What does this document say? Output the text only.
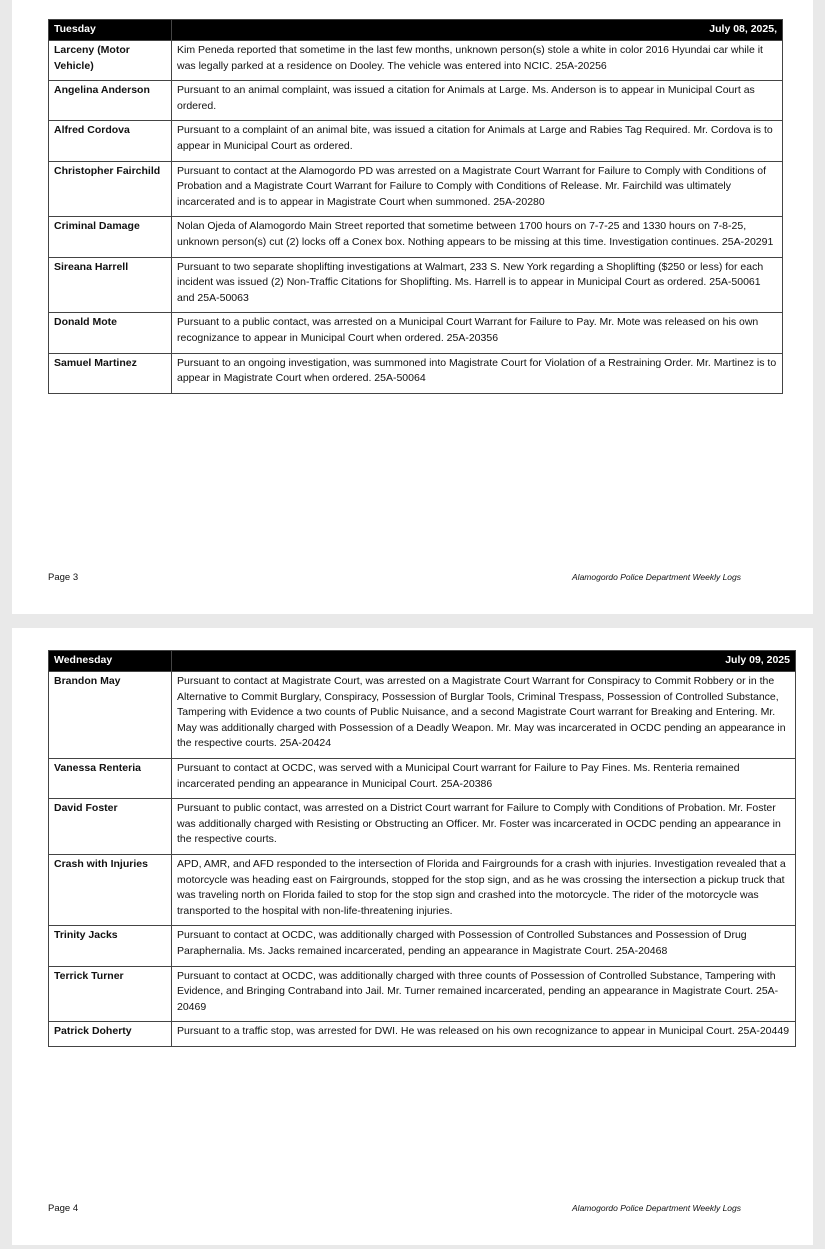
Tuesday	July 08, 2025,
Larceny (Motor Vehicle)	Kim Peneda reported that sometime in the last few months, unknown person(s) stole a white in color 2016 Hyundai car while it was legally parked at a residence on Dooley. The vehicle was entered into NCIC. 25A-20256
Angelina Anderson	Pursuant to an animal complaint, was issued a citation for Animals at Large. Ms. Anderson is to appear in Municipal Court as ordered.
Alfred Cordova	Pursuant to a complaint of an animal bite, was issued a citation for Animals at Large and Rabies Tag Required. Mr. Cordova is to appear in Municipal Court as ordered.
Christopher Fairchild	Pursuant to contact at the Alamogordo PD was arrested on a Magistrate Court Warrant for Failure to Comply with Conditions of Probation and a Magistrate Court Warrant for Failure to Comply with Conditions of Release. Mr. Fairchild was ultimately incarcerated and is to appear in Magistrate Court when summoned. 25A-20280
Criminal Damage	Nolan Ojeda of Alamogordo Main Street reported that sometime between 1700 hours on 7-7-25 and 1330 hours on 7-8-25, unknown person(s) cut (2) locks off a Conex box. Nothing appears to be missing at this time. Investigation continues. 25A-20291
Sireana Harrell	Pursuant to two separate shoplifting investigations at Walmart, 233 S. New York regarding a Shoplifting ($250 or less) for each incident was issued (2) Non-Traffic Citations for Shoplifting. Ms. Harrell is to appear in Municipal Court as ordered. 25A-50061 and 25A-50063
Donald Mote	Pursuant to a public contact, was arrested on a Municipal Court Warrant for Failure to Pay. Mr. Mote was released on his own recognizance to appear in Municipal Court when ordered. 25A-20356
Samuel Martinez	Pursuant to an ongoing investigation, was summoned into Magistrate Court for Violation of a Restraining Order. Mr. Martinez is to appear in Magistrate Court when ordered. 25A-50064
Page 3	Alamogordo Police Department Weekly Logs
Wednesday	July 09, 2025
Brandon May	Pursuant to contact at Magistrate Court, was arrested on a Magistrate Court Warrant for Conspiracy to Commit Robbery or in the Alternative to Commit Burglary, Conspiracy, Possession of Burglar Tools, Criminal Trespass, Possession of Controlled Substance, Tampering with Evidence a two counts of Public Nuisance, and a second Magistrate Court warrant for Breaking and Entering. Mr. May was additionally charged with Possession of a Deadly Weapon. Mr. May was incarcerated in OCDC pending an appearance in the respective courts. 25A-20424
Vanessa Renteria	Pursuant to contact at OCDC, was served with a Municipal Court warrant for Failure to Pay Fines. Ms. Renteria remained incarcerated pending an appearance in Municipal Court. 25A-20386
David Foster	Pursuant to public contact, was arrested on a District Court warrant for Failure to Comply with Conditions of Probation. Mr. Foster was additionally charged with Resisting or Obstructing an Officer. Mr. Foster was incarcerated in OCDC pending an appearance in the respective courts.
Crash with Injuries	APD, AMR, and AFD responded to the intersection of Florida and Fairgrounds for a crash with injuries. Investigation revealed that a motorcycle was heading east on Fairgrounds, stopped for the stop sign, and as he was crossing the intersection a pickup truck that was traveling north on Florida failed to stop for the stop sign and crashed into the motorcycle. The rider of the motorcycle was transported to the hospital with non-life-threatening injuries.
Trinity Jacks	Pursuant to contact at OCDC, was additionally charged with Possession of Controlled Substances and Possession of Drug Paraphernalia. Ms. Jacks remained incarcerated, pending an appearance in Magistrate Court. 25A-20468
Terrick Turner	Pursuant to contact at OCDC, was additionally charged with three counts of Possession of Controlled Substance, Tampering with Evidence, and Bringing Contraband into Jail. Mr. Turner remained incarcerated, pending an appearance in Magistrate Court. 25A-20469
Patrick Doherty	Pursuant to a traffic stop, was arrested for DWI. He was released on his own recognizance to appear in Municipal Court. 25A-20449
Page 4	Alamogordo Police Department Weekly Logs
